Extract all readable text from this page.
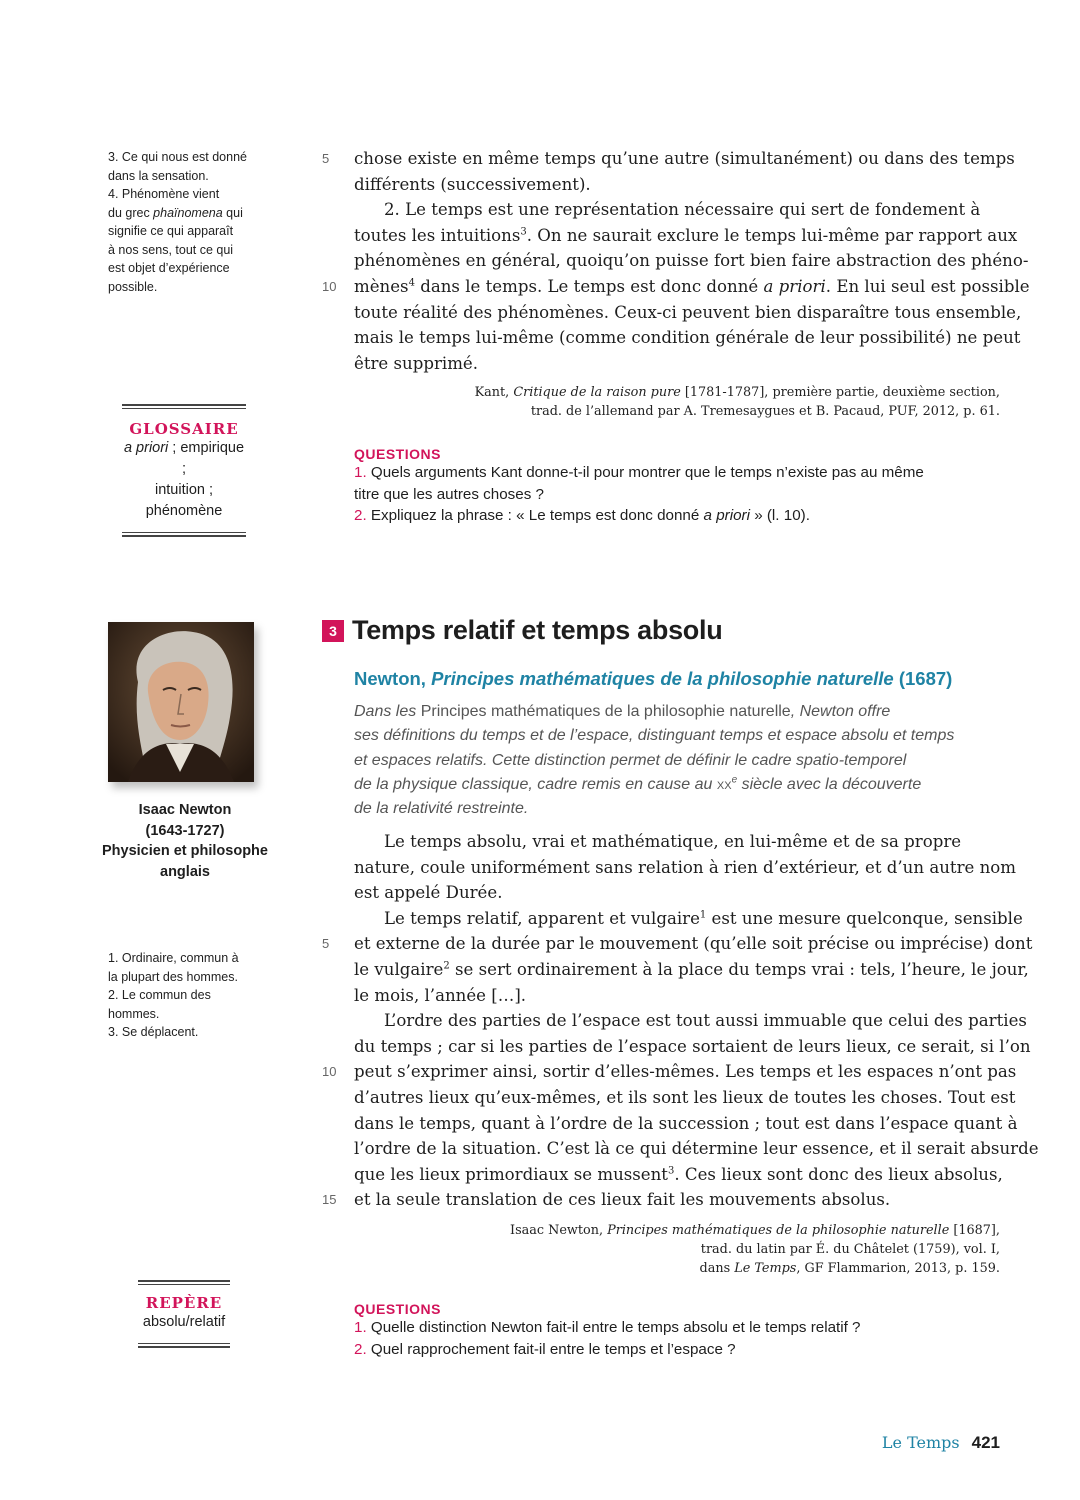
3. Ce qui nous est donné
dans la sensation.
4. Phénomène vient
du grec phaïnomena qui
signifie ce qui apparaît
à nos sens, tout ce qui
est objet d’expérience
possible.
GLOSSAIRE
a priori ; empirique ;
intuition ; phénomène
5 chose existe en même temps qu’une autre (simultanément) ou dans des temps
différents (successivement).
2. Le temps est une représentation nécessaire qui sert de fondement à
toutes les intuitions$^3$. On ne saurait exclure le temps lui-même par rapport aux
phénomènes en général, quoiqu’on puisse fort bien faire abstraction des phéno-
10 mènes$^4$ dans le temps. Le temps est donc donné a priori. En lui seul est possible
toute réalité des phénomènes. Ceux-ci peuvent bien disparaître tous ensemble,
mais le temps lui-même (comme condition générale de leur possibilité) ne peut
être supprimé.
Kant, Critique de la raison pure [1781-1787], première partie, deuxième section,
trad. de l’allemand par A. Tremesaygues et B. Pacaud, PUF, 2012, p. 61.
QUESTIONS
1. Quels arguments Kant donne-t-il pour montrer que le temps n’existe pas au même
titre que les autres choses ?
2. Expliquez la phrase : « Le temps est donc donné a priori » (l. 10).
Isaac Newton
(1643-1727)
Physicien et philosophe anglais
1. Ordinaire, commun à
la plupart des hommes.
2. Le commun des
hommes.
3. Se déplacent.
3 Temps relatif et temps absolu
Newton, Principes mathématiques de la philosophie naturelle (1687)
Dans les Principes mathématiques de la philosophie naturelle, Newton offre
ses définitions du temps et de l’espace, distinguant temps et espace absolu et temps
et espaces relatifs. Cette distinction permet de définir le cadre spatio-temporel
de la physique classique, cadre remis en cause au $xx^e$ siècle avec la découverte
de la relativité restreinte.
Le temps absolu, vrai et mathématique, en lui-même et de sa propre
nature, coule uniformément sans relation à rien d’extérieur, et d’un autre nom
est appelé Durée.
Le temps relatif, apparent et vulgaire$^1$ est une mesure quelconque, sensible
5 et externe de la durée par le mouvement (qu’elle soit précise ou imprécise) dont
le vulgaire$^2$ se sert ordinairement à la place du temps vrai : tels, l’heure, le jour,
le mois, l’année […].
L’ordre des parties de l’espace est tout aussi immuable que celui des parties
du temps ; car si les parties de l’espace sortaient de leurs lieux, ce serait, si l’on
10 peut s’exprimer ainsi, sortir d’elles-mêmes. Les temps et les espaces n’ont pas
d’autres lieux qu’eux-mêmes, et ils sont les lieux de toutes les choses. Tout est
dans le temps, quant à l’ordre de la succession ; tout est dans l’espace quant à
l’ordre de la situation. C’est là ce qui détermine leur essence, et il serait absurde
que les lieux primordiaux se mussent$^3$. Ces lieux sont donc des lieux absolus,
15 et la seule translation de ces lieux fait les mouvements absolus.
Isaac Newton, Principes mathématiques de la philosophie naturelle [1687],
trad. du latin par É. du Châtelet (1759), vol. I,
dans Le Temps, GF Flammarion, 2013, p. 159.
REPÈRE
absolu/relatif
QUESTIONS
1. Quelle distinction Newton fait-il entre le temps absolu et le temps relatif ?
2. Quel rapprochement fait-il entre le temps et l’espace ?
Le Temps 421
